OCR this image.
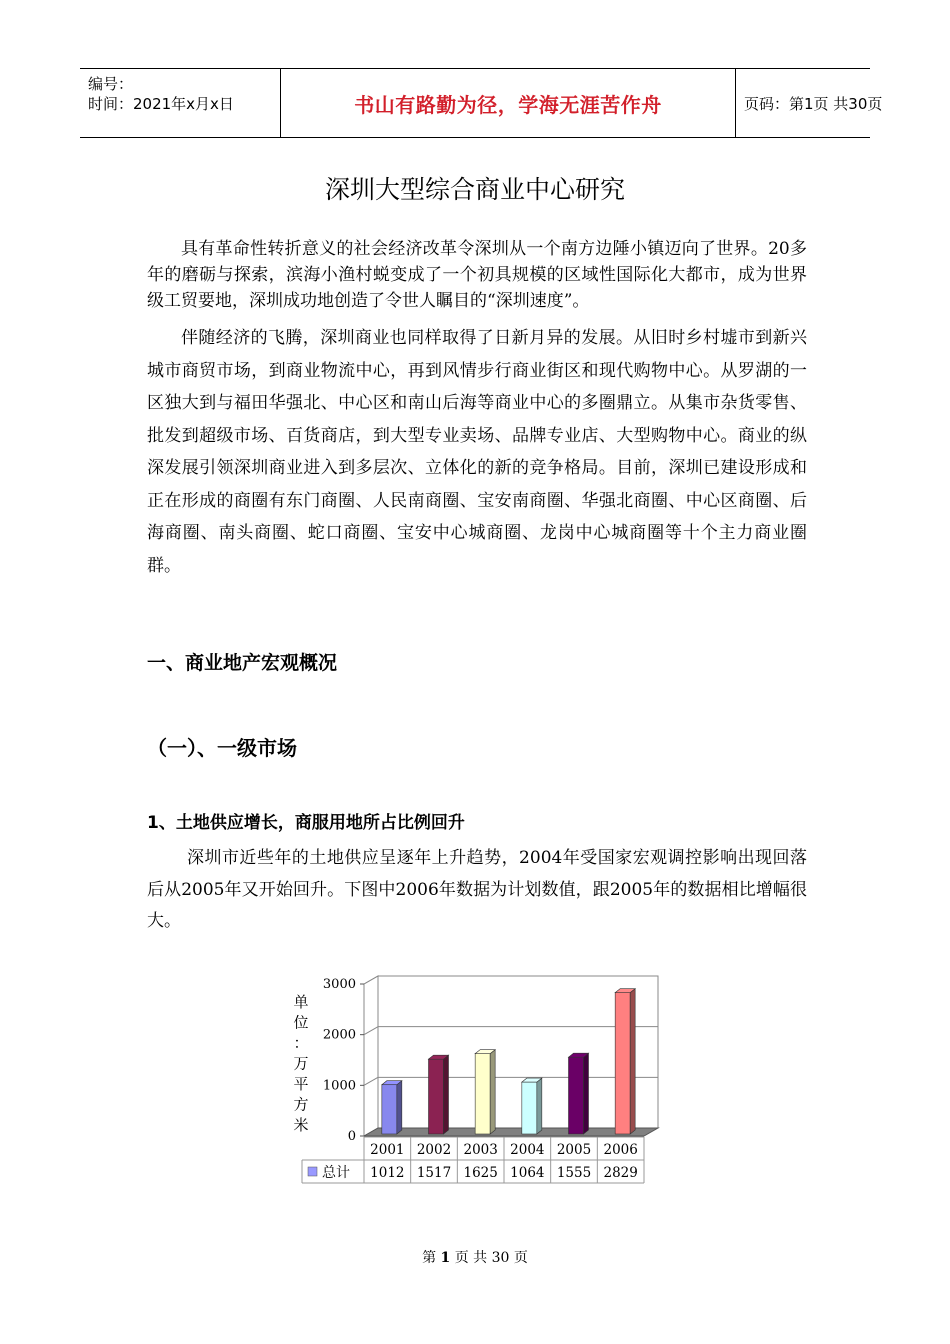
编号：
时间：2021年x月x日	书山有路勤为径，学海无涯苦作舟	页码：第1页 共30页
深圳大型综合商业中心研究

具有革命性转折意义的社会经济改革令深圳从一个南方边陲小镇迈向了世界。20多年的磨砺与探索，滨海小渔村蜕变成了一个初具规模的区域性国际化大都市，成为世界级工贸要地，深圳成功地创造了令世人瞩目的“深圳速度”。

伴随经济的飞腾，深圳商业也同样取得了日新月异的发展。从旧时乡村墟市到新兴城市商贸市场，到商业物流中心，再到风情步行商业街区和现代购物中心。从罗湖的一区独大到与福田华强北、中心区和南山后海等商业中心的多圈鼎立。从集市杂货零售、批发到超级市场、百货商店，到大型专业卖场、品牌专业店、大型购物中心。商业的纵深发展引领深圳商业进入到多层次、立体化的新的竞争格局。目前，深圳已建设形成和正在形成的商圈有东门商圈、人民南商圈、宝安南商圈、华强北商圈、中心区商圈、后海商圈、南头商圈、蛇口商圈、宝安中心城商圈、龙岗中心城商圈等十个主力商业圈群。

一、商业地产宏观概况
（一）、一级市场
1、土地供应增长，商服用地所占比例回升

深圳市近些年的土地供应呈逐年上升趋势，2004年受国家宏观调控影响出现回落后从2005年又开始回升。下图中2006年数据为计划数值，跟2005年的数据相比增幅很大。

0
1000
2000
3000
单
位
：
万
平
方
米
2001 2002 2003 2004 2005 2006
1012 1517 1625 1064 1555 2829
总计
第 1 页 共 30 页
